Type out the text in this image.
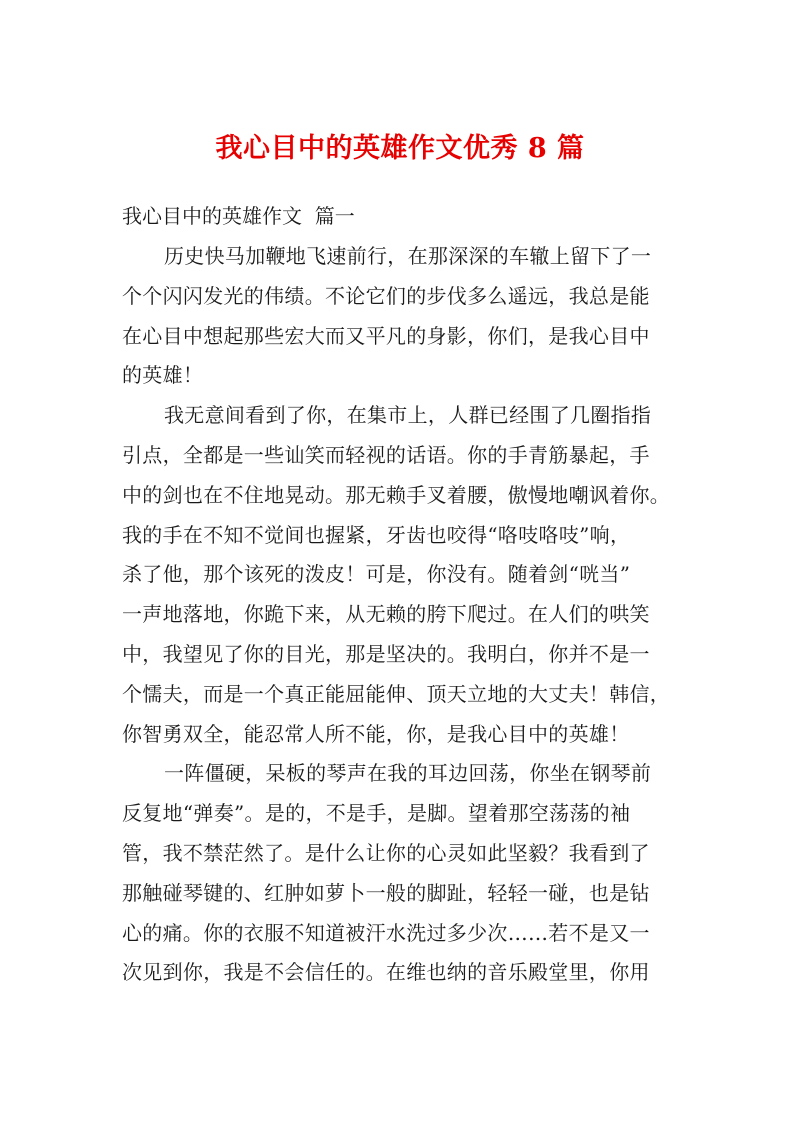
我心目中的英雄作文优秀 8 篇

我心目中的英雄作文  篇一

历史快马加鞭地飞速前行，在那深深的车辙上留下了一
个个闪闪发光的伟绩。不论它们的步伐多么遥远，我总是能
在心目中想起那些宏大而又平凡的身影，你们，是我心目中
的英雄！
我无意间看到了你，在集市上，人群已经围了几圈指指
引点，全都是一些讪笑而轻视的话语。你的手青筋暴起，手
中的剑也在不住地晃动。那无赖手叉着腰，傲慢地嘲讽着你。
我的手在不知不觉间也握紧，牙齿也咬得“咯吱咯吱”响，
杀了他，那个该死的泼皮！可是，你没有。随着剑“咣当”
一声地落地，你跪下来，从无赖的胯下爬过。在人们的哄笑
中，我望见了你的目光，那是坚决的。我明白，你并不是一
个懦夫，而是一个真正能屈能伸、顶天立地的大丈夫！韩信，
你智勇双全，能忍常人所不能，你，是我心目中的英雄！
一阵僵硬，呆板的琴声在我的耳边回荡，你坐在钢琴前
反复地“弹奏”。是的，不是手，是脚。望着那空荡荡的袖
管，我不禁茫然了。是什么让你的心灵如此坚毅？我看到了
那触碰琴键的、红肿如萝卜一般的脚趾，轻轻一碰，也是钻
心的痛。你的衣服不知道被汗水洗过多少次……若不是又一
次见到你，我是不会信任的。在维也纳的音乐殿堂里，你用
